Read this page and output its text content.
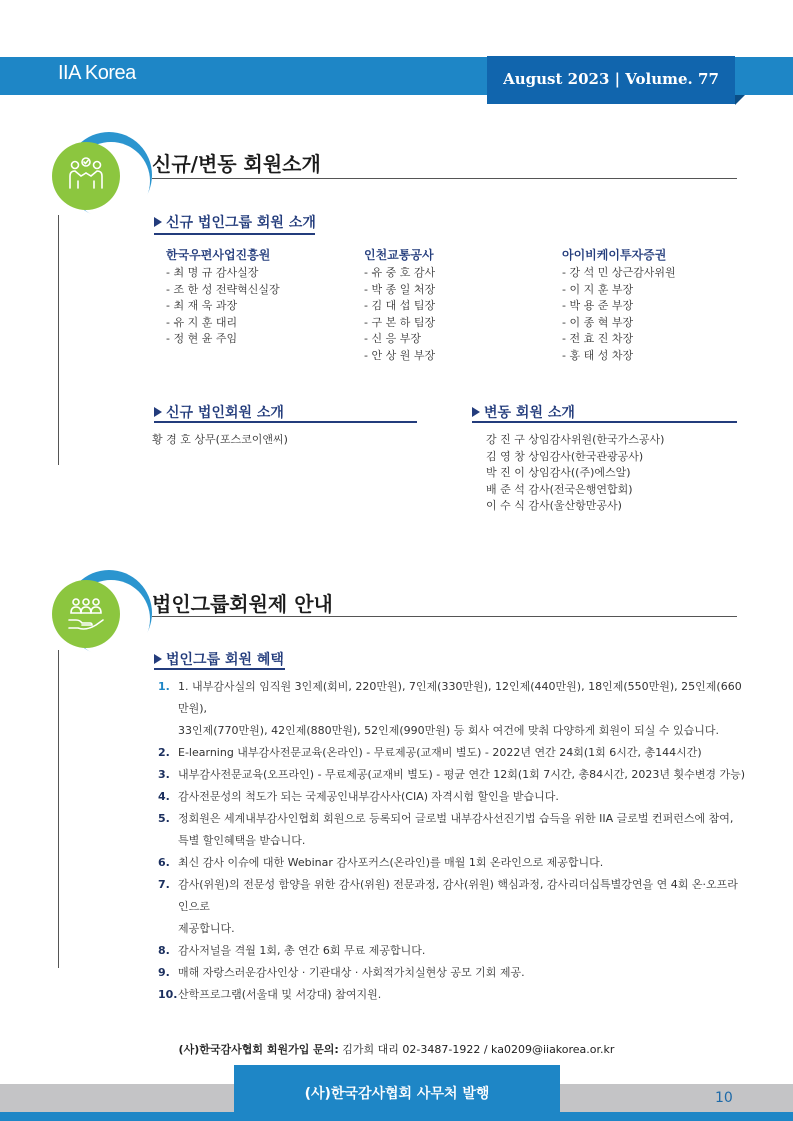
IIA Korea	August 2023 | Volume. 77
신규/변동 회원소개
신규 법인그룹 회원 소개
한국우편사업진흥원
- 최 명 규 감사실장
- 조 한 성 전략혁신실장
- 최 재 욱 과장
- 유 지 훈 대리
- 정 현 윤 주임
인천교통공사
- 유 중 호 감사
- 박 종 일 처장
- 김 대 섭 팀장
- 구 본 하 팀장
- 신 응 부장
- 안 상 원 부장
아이비케이투자증권
- 강 석 민 상근감사위원
- 이 지 훈 부장
- 박 용 준 부장
- 이 종 혁 부장
- 전 효 진 차장
- 홍 태 성 차장
신규 법인회원 소개
황 경 호 상무(포스코이앤씨)
변동 회원 소개
강 진 구 상임감사위원(한국가스공사)
김 영 창 상임감사(한국관광공사)
박 진 이 상임감사((주)에스알)
배 준 석 감사(전국은행연합회)
이 수 식 감사(울산항만공사)
법인그룹회원제 안내
법인그룹 회원 혜택
1. 1. 내부감사실의 임직원 3인제(회비, 220만원), 7인제(330만원), 12인제(440만원), 18인제(550만원), 25인제(660만원),
33인제(770만원), 42인제(880만원), 52인제(990만원) 등 회사 여건에 맞춰 다양하게 회원이 되실 수 있습니다.
2. E-learning 내부감사전문교육(온라인) - 무료제공(교재비 별도) - 2022년 연간 24회(1회 6시간, 총144시간)
3. 내부감사전문교육(오프라인) - 무료제공(교재비 별도) - 평균 연간 12회(1회 7시간, 총84시간, 2023년 횟수변경 가능)
4. 감사전문성의 척도가 되는 국제공인내부감사사(CIA) 자격시험 할인을 받습니다.
5. 정회원은 세계내부감사인협회 회원으로 등록되어 글로벌 내부감사선진기법 습득을 위한 IIA 글로벌 컨퍼런스에 참여,
특별 할인혜택을 받습니다.
6. 최신 감사 이슈에 대한 Webinar 감사포커스(온라인)를 매월 1회 온라인으로 제공합니다.
7. 감사(위원)의 전문성 함양을 위한 감사(위원) 전문과정, 감사(위원) 핵심과정, 감사리더십특별강연을 연 4회 온·오프라인으로
제공합니다.
8. 감사저널을 격월 1회, 총 연간 6회 무료 제공합니다.
9. 매해 자랑스러운감사인상 · 기관대상 · 사회적가치실현상 공모 기회 제공.
10. 산학프로그램(서울대 및 서강대) 참여지원.
(사)한국감사협회 회원가입 문의: 김가희 대리 02-3487-1922 / ka0209@iiakorea.or.kr
(사)한국감사협회 사무처 발행	10
